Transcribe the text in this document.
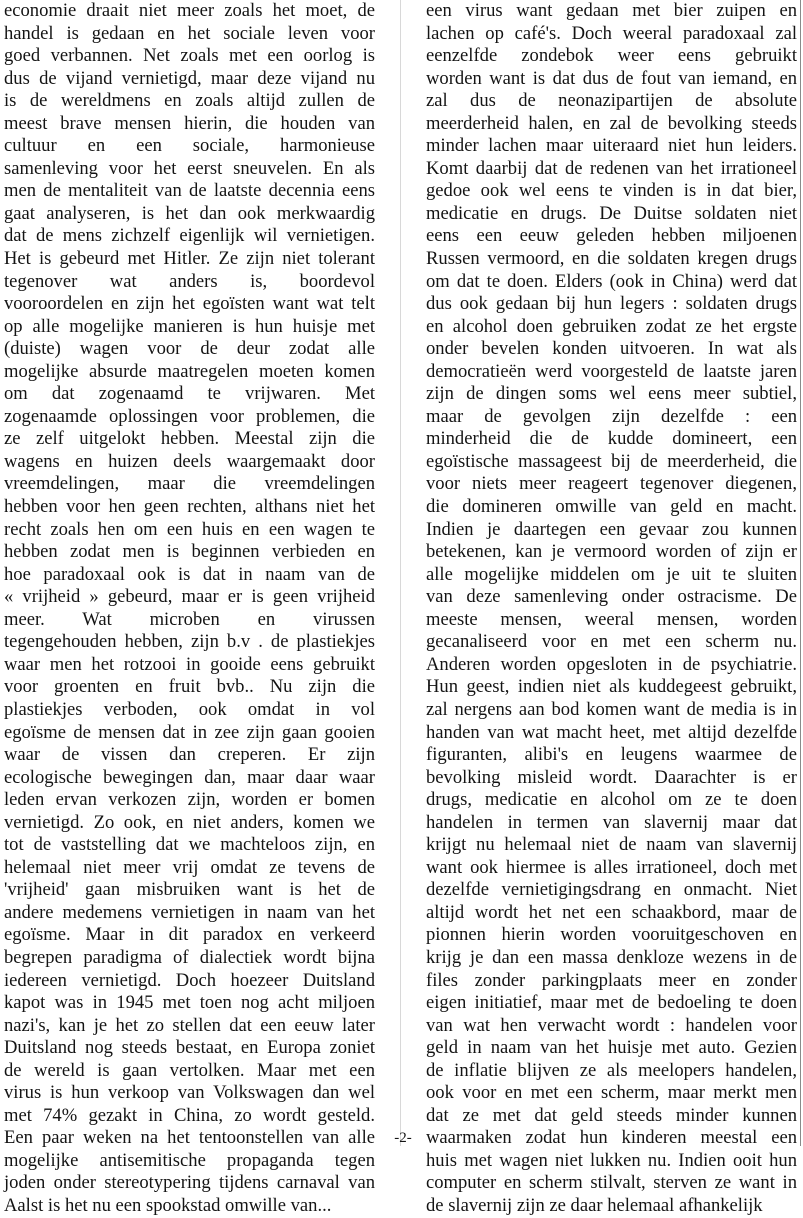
economie draait niet meer zoals het moet, de
handel is gedaan en het sociale leven voor
goed verbannen. Net zoals met een oorlog is
dus de vijand vernietigd, maar deze vijand nu
is de wereldmens en zoals altijd zullen de
meest brave mensen hierin, die houden van
cultuur en een sociale, harmonieuse
samenleving voor het eerst sneuvelen. En als
men de mentaliteit van de laatste decennia eens
gaat analyseren, is het dan ook merkwaardig
dat de mens zichzelf eigenlijk wil vernietigen.
Het is gebeurd met Hitler. Ze zijn niet tolerant
tegenover wat anders is, boordevol
vooroordelen en zijn het egoïsten want wat telt
op alle mogelijke manieren is hun huisje met
(duiste) wagen voor de deur zodat alle
mogelijke absurde maatregelen moeten komen
om dat zogenaamd te vrijwaren. Met
zogenaamde oplossingen voor problemen, die
ze zelf uitgelokt hebben. Meestal zijn die
wagens en huizen deels waargemaakt door
vreemdelingen, maar die vreemdelingen
hebben voor hen geen rechten, althans niet het
recht zoals hen om een huis en een wagen te
hebben zodat men is beginnen verbieden en
hoe paradoxaal ook is dat in naam van de
« vrijheid » gebeurd, maar er is geen vrijheid
meer. Wat microben en virussen
tegengehouden hebben, zijn b.v . de plastiekjes
waar men het rotzooi in gooide eens gebruikt
voor groenten en fruit bvb.. Nu zijn die
plastiekjes verboden, ook omdat in vol
egoïsme de mensen dat in zee zijn gaan gooien
waar de vissen dan creperen. Er zijn
ecologische bewegingen dan, maar daar waar
leden ervan verkozen zijn, worden er bomen
vernietigd. Zo ook, en niet anders, komen we
tot de vaststelling dat we machteloos zijn, en
helemaal niet meer vrij omdat ze tevens de
'vrijheid' gaan misbruiken want is het de
andere medemens vernietigen in naam van het
egoïsme. Maar in dit paradox en verkeerd
begrepen paradigma of dialectiek wordt bijna
iedereen vernietigd. Doch hoezeer Duitsland
kapot was in 1945 met toen nog acht miljoen
nazi's, kan je het zo stellen dat een eeuw later
Duitsland nog steeds bestaat, en Europa zoniet
de wereld is gaan vertolken. Maar met een
virus is hun verkoop van Volkswagen dan wel
met 74% gezakt in China, zo wordt gesteld.
Een paar weken na het tentoonstellen van alle
mogelijke antisemitische propaganda tegen
joden onder stereotypering tijdens carnaval van
Aalst is het nu een spookstad omwille van...
een virus want gedaan met bier zuipen en
lachen op café's. Doch weeral paradoxaal zal
eenzelfde zondebok weer eens gebruikt
worden want is dat dus de fout van iemand, en
zal dus de neonazipartijen de absolute
meerderheid halen, en zal de bevolking steeds
minder lachen maar uiteraard niet hun leiders.
Komt daarbij dat de redenen van het irrationeel
gedoe ook wel eens te vinden is in dat bier,
medicatie en drugs. De Duitse soldaten niet
eens een eeuw geleden hebben miljoenen
Russen vermoord, en die soldaten kregen drugs
om dat te doen. Elders (ook in China) werd dat
dus ook gedaan bij hun legers : soldaten drugs
en alcohol doen gebruiken zodat ze het ergste
onder bevelen konden uitvoeren. In wat als
democratieën werd voorgesteld de laatste jaren
zijn de dingen soms wel eens meer subtiel,
maar de gevolgen zijn dezelfde : een
minderheid die de kudde domineert, een
egoïstische massageest bij de meerderheid, die
voor niets meer reageert tegenover diegenen,
die domineren omwille van geld en macht.
Indien je daartegen een gevaar zou kunnen
betekenen, kan je vermoord worden of zijn er
alle mogelijke middelen om je uit te sluiten
van deze samenleving onder ostracisme. De
meeste mensen, weeral mensen, worden
gecanaliseerd voor en met een scherm nu.
Anderen worden opgesloten in de psychiatrie.
Hun geest, indien niet als kuddegeest gebruikt,
zal nergens aan bod komen want de media is in
handen van wat macht heet, met altijd dezelfde
figuranten, alibi's en leugens waarmee de
bevolking misleid wordt. Daarachter is er
drugs, medicatie en alcohol om ze te doen
handelen in termen van slavernij maar dat
krijgt nu helemaal niet de naam van slavernij
want ook hiermee is alles irrationeel, doch met
dezelfde vernietigingsdrang en onmacht. Niet
altijd wordt het net een schaakbord, maar de
pionnen hierin worden vooruitgeschoven en
krijg je dan een massa denkloze wezens in de
files zonder parkingplaats meer en zonder
eigen initiatief, maar met de bedoeling te doen
van wat hen verwacht wordt : handelen voor
geld in naam van het huisje met auto. Gezien
de inflatie blijven ze als meelopers handelen,
ook voor en met een scherm, maar merkt men
dat ze met dat geld steeds minder kunnen
waarmaken zodat hun kinderen meestal een
huis met wagen niet lukken nu. Indien ooit hun
computer en scherm stilvalt, sterven ze want in
de slavernij zijn ze daar helemaal afhankelijk
-2-
